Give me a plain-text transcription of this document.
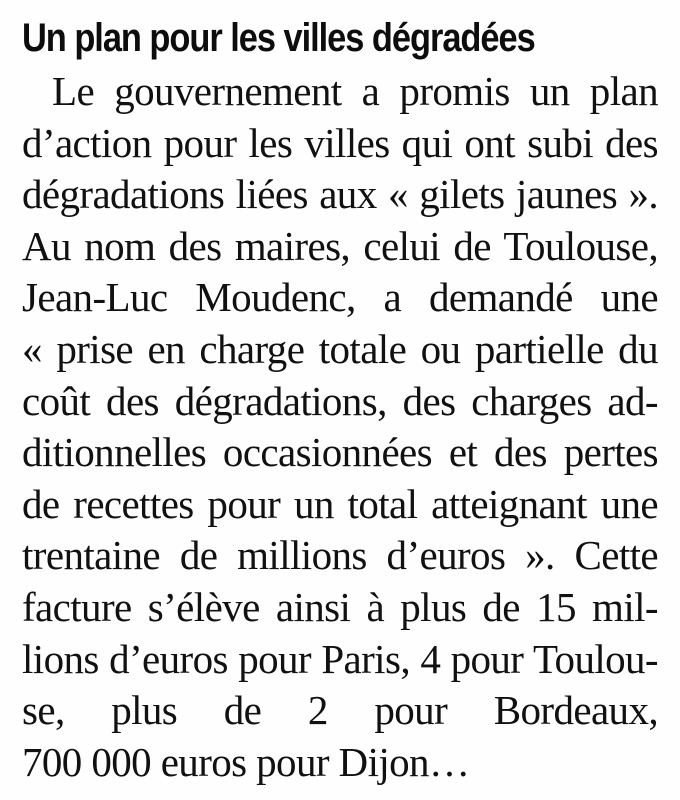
Un plan pour les villes dégradées
Le gouvernement a promis un plan
d’action pour les villes qui ont subi des
dégradations liées aux « gilets jaunes ».
Au nom des maires, celui de Toulouse,
Jean-Luc Moudenc, a demandé une
« prise en charge totale ou partielle du
coût des dégradations, des charges ad-
ditionnelles occasionnées et des pertes
de recettes pour un total atteignant une
trentaine de millions d’euros ». Cette
facture s’élève ainsi à plus de 15 mil-
lions d’euros pour Paris, 4 pour Toulou-
se, plus de 2 pour Bordeaux,
700 000 euros pour Dijon…
